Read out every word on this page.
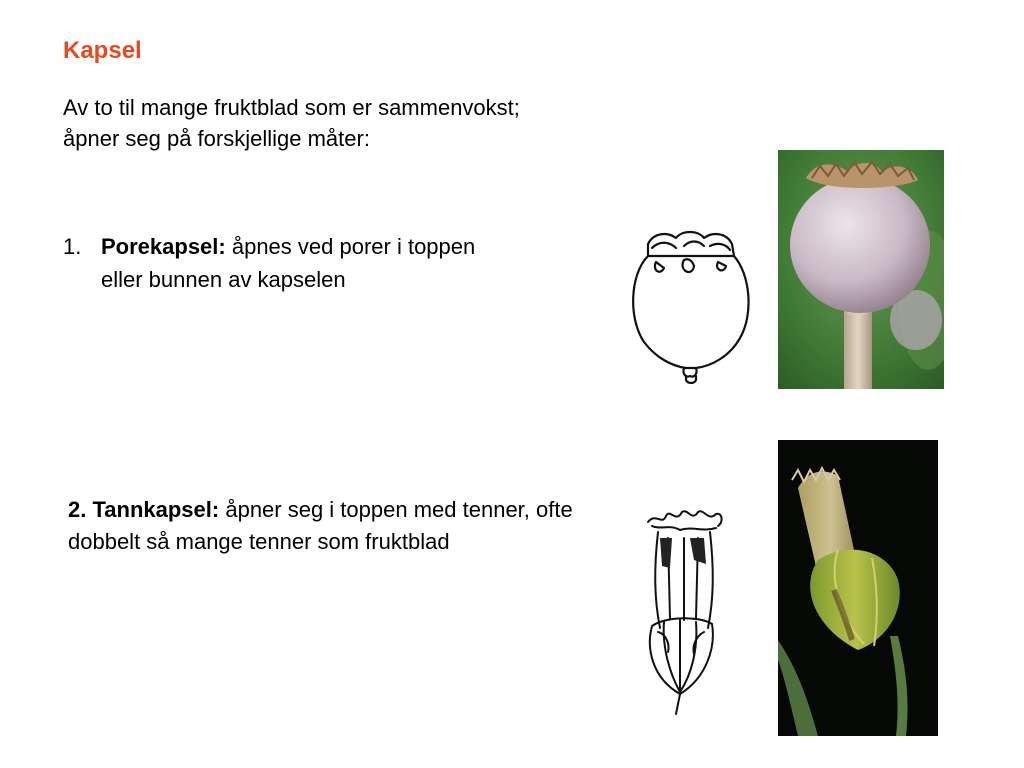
Kapsel
Av to til mange fruktblad som er sammenvokst; åpner seg på forskjellige måter:
1. Porekapsel: åpnes ved porer i toppen eller bunnen av kapselen
2. Tannkapsel: åpner seg i toppen med tenner, ofte dobbelt så mange tenner som fruktblad
